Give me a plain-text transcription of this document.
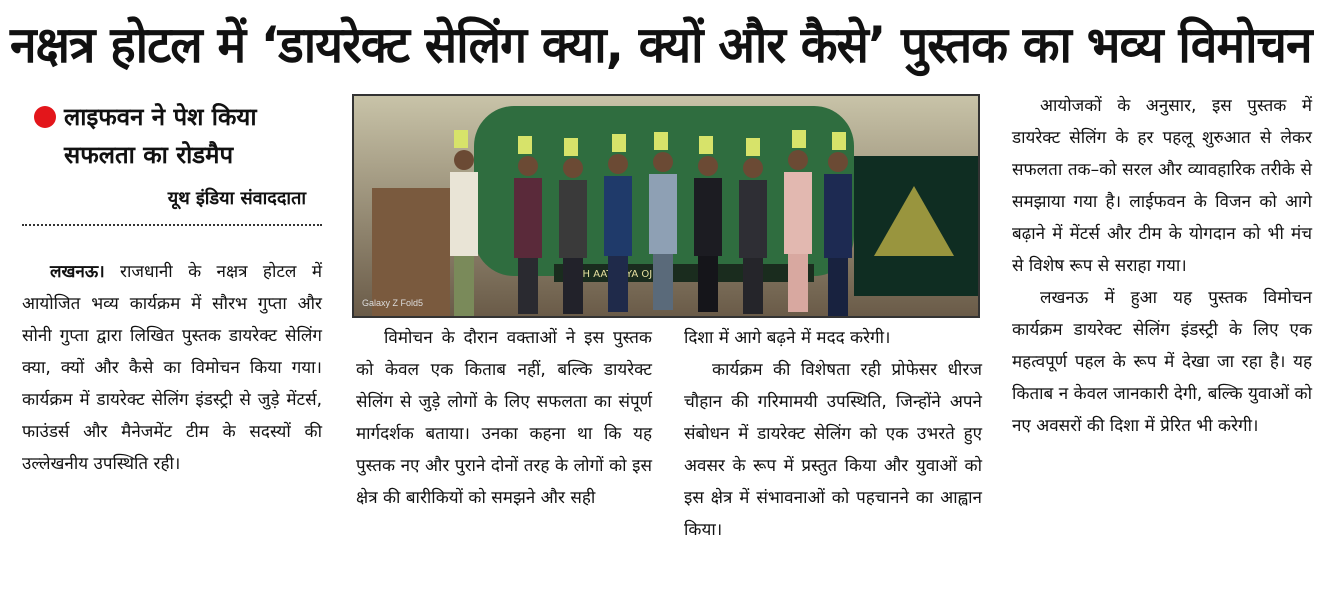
नक्षत्र होटल में ‘डायरेक्ट सेलिंग क्या, क्यों और कैसे’ पुस्तक का भव्य विमोचन
लाइफवन ने पेश किया सफलता का रोडमैप
यूथ इंडिया संवाददाता

लखनऊ। राजधानी के नक्षत्र होटल में आयोजित भव्य कार्यक्रम में सौरभ गुप्ता और सोनी गुप्ता द्वारा लिखित पुस्तक डायरेक्ट सेलिंग क्या, क्यों और कैसे का विमोचन किया गया। कार्यक्रम में डायरेक्ट सेलिंग इंडस्ट्री से जुड़े मेंटर्स, फाउंडर्स और मैनेजमेंट टीम के सदस्यों की उल्लेखनीय उपस्थिति रही।

OJ
Galaxy Z Fold5

विमोचन के दौरान वक्ताओं ने इस पुस्तक को केवल एक किताब नहीं, बल्कि डायरेक्ट सेलिंग से जुड़े लोगों के लिए सफलता का संपूर्ण मार्गदर्शक बताया। उनका कहना था कि यह पुस्तक नए और पुराने दोनों तरह के लोगों को इस क्षेत्र की बारीकियों को समझने और सही

दिशा में आगे बढ़ने में मदद करेगी।

कार्यक्रम की विशेषता रही प्रोफेसर धीरज चौहान की गरिमामयी उपस्थिति, जिन्होंने अपने संबोधन में डायरेक्ट सेलिंग को एक उभरते हुए अवसर के रूप में प्रस्तुत किया और युवाओं को इस क्षेत्र में संभावनाओं को पहचानने का आह्वान किया।

आयोजकों के अनुसार, इस पुस्तक में डायरेक्ट सेलिंग के हर पहलू शुरुआत से लेकर सफलता तक–को सरल और व्यावहारिक तरीके से समझाया गया है। लाईफवन के विजन को आगे बढ़ाने में मेंटर्स और टीम के योगदान को भी मंच से विशेष रूप से सराहा गया।

लखनऊ में हुआ यह पुस्तक विमोचन कार्यक्रम डायरेक्ट सेलिंग इंडस्ट्री के लिए एक महत्वपूर्ण पहल के रूप में देखा जा रहा है। यह किताब न केवल जानकारी देगी, बल्कि युवाओं को नए अवसरों की दिशा में प्रेरित भी करेगी।
